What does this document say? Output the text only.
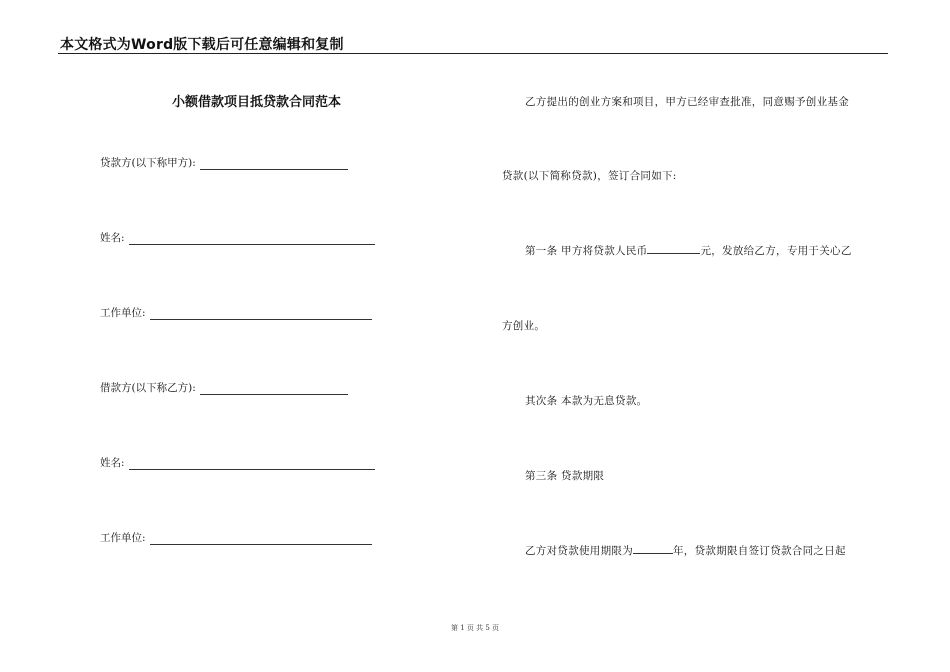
本文格式为Word版下载后可任意编辑和复制
小额借款项目抵贷款合同范本
贷款方(以下称甲方):
姓名:
工作单位:
借款方(以下称乙方):
姓名:
工作单位:
乙方提出的创业方案和项目，甲方已经审查批准，同意赐予创业基金
贷款(以下简称贷款)，签订合同如下:
第一条 甲方将贷款人民币	元，发放给乙方，专用于关心乙
方创业。
其次条 本款为无息贷款。
第三条 贷款期限
乙方对贷款使用期限为	年，贷款期限自签订贷款合同之日起
第 1 页 共 5 页
